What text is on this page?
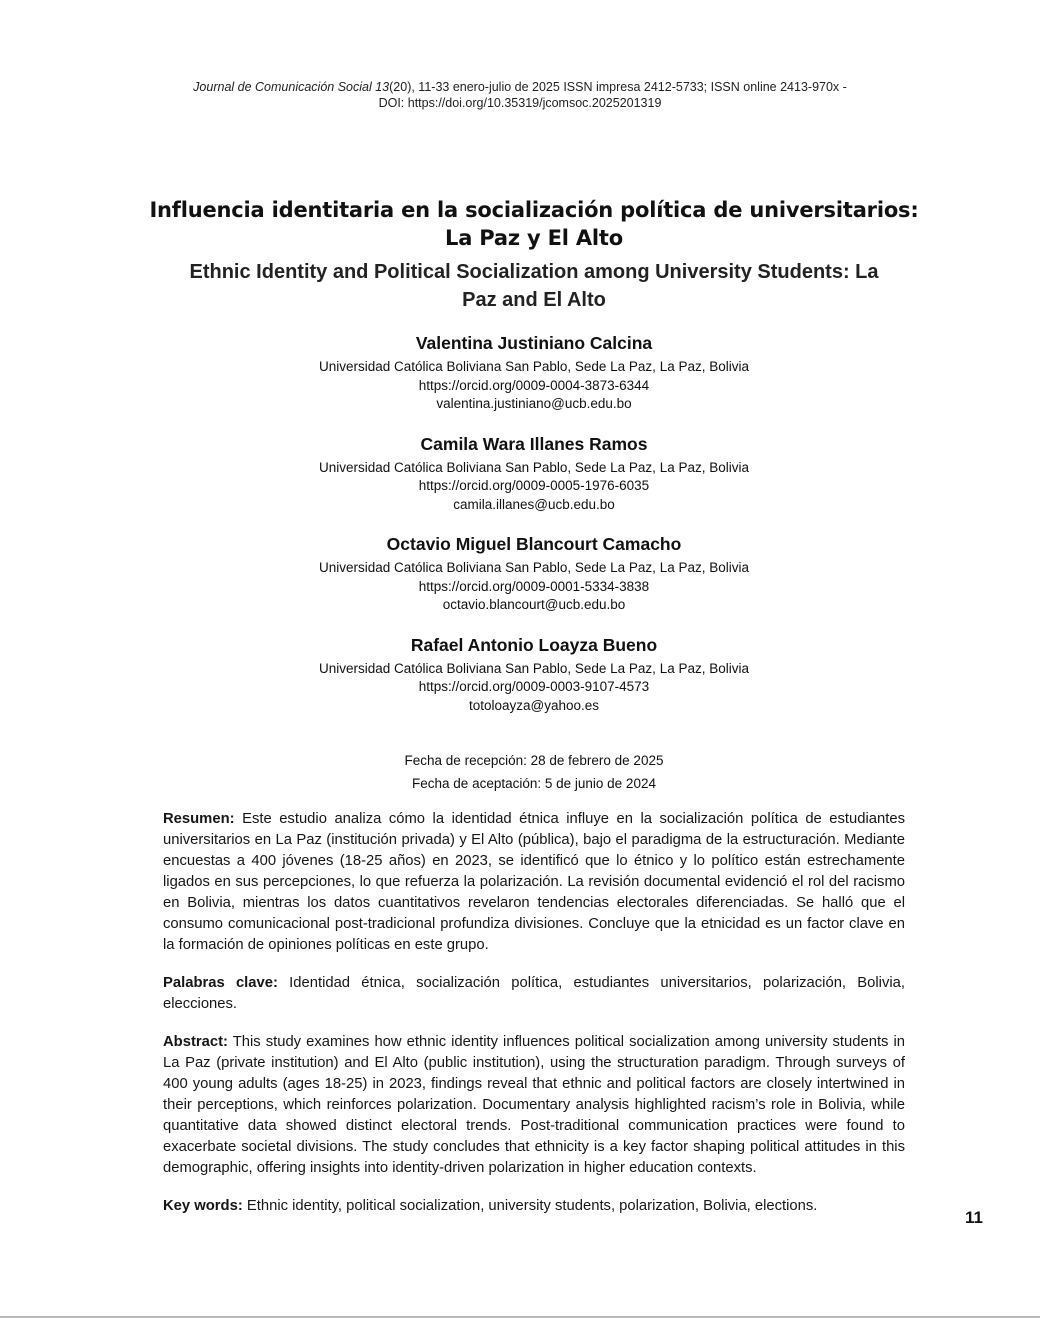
Journal de Comunicación Social 13(20), 11-33 enero-julio de 2025 ISSN impresa 2412-5733; ISSN online 2413-970x -
DOI: https://doi.org/10.35319/jcomsoc.2025201319
Influencia identitaria en la socialización política de universitarios:
La Paz y El Alto
Ethnic Identity and Political Socialization among University Students: La Paz and El Alto
Valentina Justiniano Calcina
Universidad Católica Boliviana San Pablo, Sede La Paz, La Paz, Bolivia
https://orcid.org/0009-0004-3873-6344
valentina.justiniano@ucb.edu.bo
Camila Wara Illanes Ramos
Universidad Católica Boliviana San Pablo, Sede La Paz, La Paz, Bolivia
https://orcid.org/0009-0005-1976-6035
camila.illanes@ucb.edu.bo
Octavio Miguel Blancourt Camacho
Universidad Católica Boliviana San Pablo, Sede La Paz, La Paz, Bolivia
https://orcid.org/0009-0001-5334-3838
octavio.blancourt@ucb.edu.bo
Rafael Antonio Loayza Bueno
Universidad Católica Boliviana San Pablo, Sede La Paz, La Paz, Bolivia
https://orcid.org/0009-0003-9107-4573
totoloayza@yahoo.es
Fecha de recepción: 28 de febrero de 2025
Fecha de aceptación: 5 de junio de 2024

Resumen: Este estudio analiza cómo la identidad étnica influye en la socialización política de estudiantes universitarios en La Paz (institución privada) y El Alto (pública), bajo el paradigma de la estructuración. Mediante encuestas a 400 jóvenes (18-25 años) en 2023, se identificó que lo étnico y lo político están estrechamente ligados en sus percepciones, lo que refuerza la polarización. La revisión documental evidenció el rol del racismo en Bolivia, mientras los datos cuantitativos revelaron tendencias electorales diferenciadas. Se halló que el consumo comunicacional post-tradicional profundiza divisiones. Concluye que la etnicidad es un factor clave en la formación de opiniones políticas en este grupo.

Palabras clave: Identidad étnica, socialización política, estudiantes universitarios, polarización, Bolivia, elecciones.

Abstract: This study examines how ethnic identity influences political socialization among university students in La Paz (private institution) and El Alto (public institution), using the structuration paradigm. Through surveys of 400 young adults (ages 18-25) in 2023, findings reveal that ethnic and political factors are closely intertwined in their perceptions, which reinforces polarization. Documentary analysis highlighted racism’s role in Bolivia, while quantitative data showed distinct electoral trends. Post-traditional communication practices were found to exacerbate societal divisions. The study concludes that ethnicity is a key factor shaping political attitudes in this demographic, offering insights into identity-driven polarization in higher education contexts.

Key words: Ethnic identity, political socialization, university students, polarization, Bolivia, elections.

11
